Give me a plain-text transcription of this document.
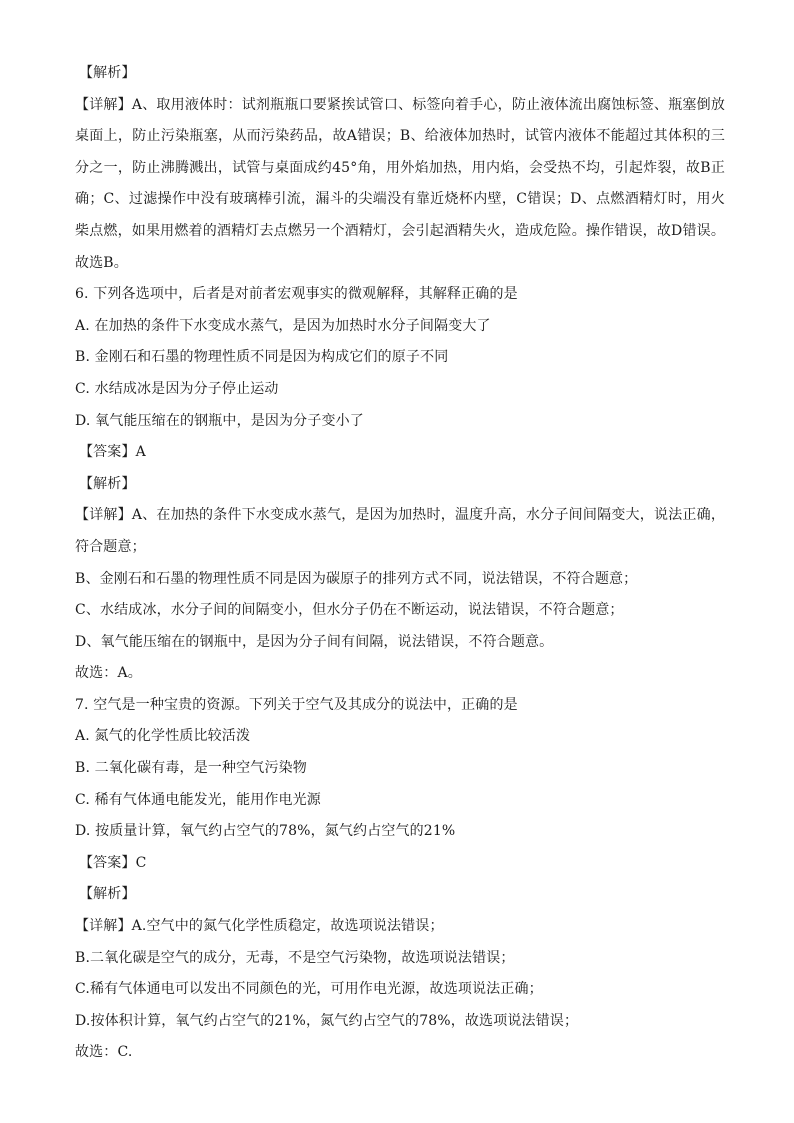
【解析】
【详解】A、取用液体时：试剂瓶瓶口要紧挨试管口、标签向着手心，防止液体流出腐蚀标签、瓶塞倒放桌面上，防止污染瓶塞，从而污染药品，故A错误；B、给液体加热时，试管内液体不能超过其体积的三分之一，防止沸腾溅出，试管与桌面成约45°角，用外焰加热，用内焰，会受热不均，引起炸裂，故B正确；C、过滤操作中没有玻璃棒引流，漏斗的尖端没有靠近烧杯内壁，C错误；D、点燃酒精灯时，用火柴点燃，如果用燃着的酒精灯去点燃另一个酒精灯，会引起酒精失火，造成危险。操作错误，故D错误。故选B。
6. 下列各选项中，后者是对前者宏观事实的微观解释，其解释正确的是
A. 在加热的条件下水变成水蒸气，是因为加热时水分子间隔变大了
B. 金刚石和石墨的物理性质不同是因为构成它们的原子不同
C. 水结成冰是因为分子停止运动
D. 氧气能压缩在的钢瓶中，是因为分子变小了
【答案】A
【解析】
【详解】A、在加热的条件下水变成水蒸气，是因为加热时，温度升高，水分子间间隔变大，说法正确，符合题意；
B、金刚石和石墨的物理性质不同是因为碳原子的排列方式不同，说法错误，不符合题意；
C、水结成冰，水分子间的间隔变小，但水分子仍在不断运动，说法错误，不符合题意；
D、氧气能压缩在的钢瓶中，是因为分子间有间隔，说法错误，不符合题意。
故选：A。
7. 空气是一种宝贵的资源。下列关于空气及其成分的说法中，正确的是
A. 氮气的化学性质比较活泼
B. 二氧化碳有毒，是一种空气污染物
C. 稀有气体通电能发光，能用作电光源
D. 按质量计算，氧气约占空气的78%，氮气约占空气的21%
【答案】C
【解析】
【详解】A.空气中的氮气化学性质稳定，故选项说法错误；
B.二氧化碳是空气的成分，无毒，不是空气污染物，故选项说法错误；
C.稀有气体通电可以发出不同颜色的光，可用作电光源，故选项说法正确；
D.按体积计算，氧气约占空气的21%，氮气约占空气的78%，故选项说法错误；
故选：C.
